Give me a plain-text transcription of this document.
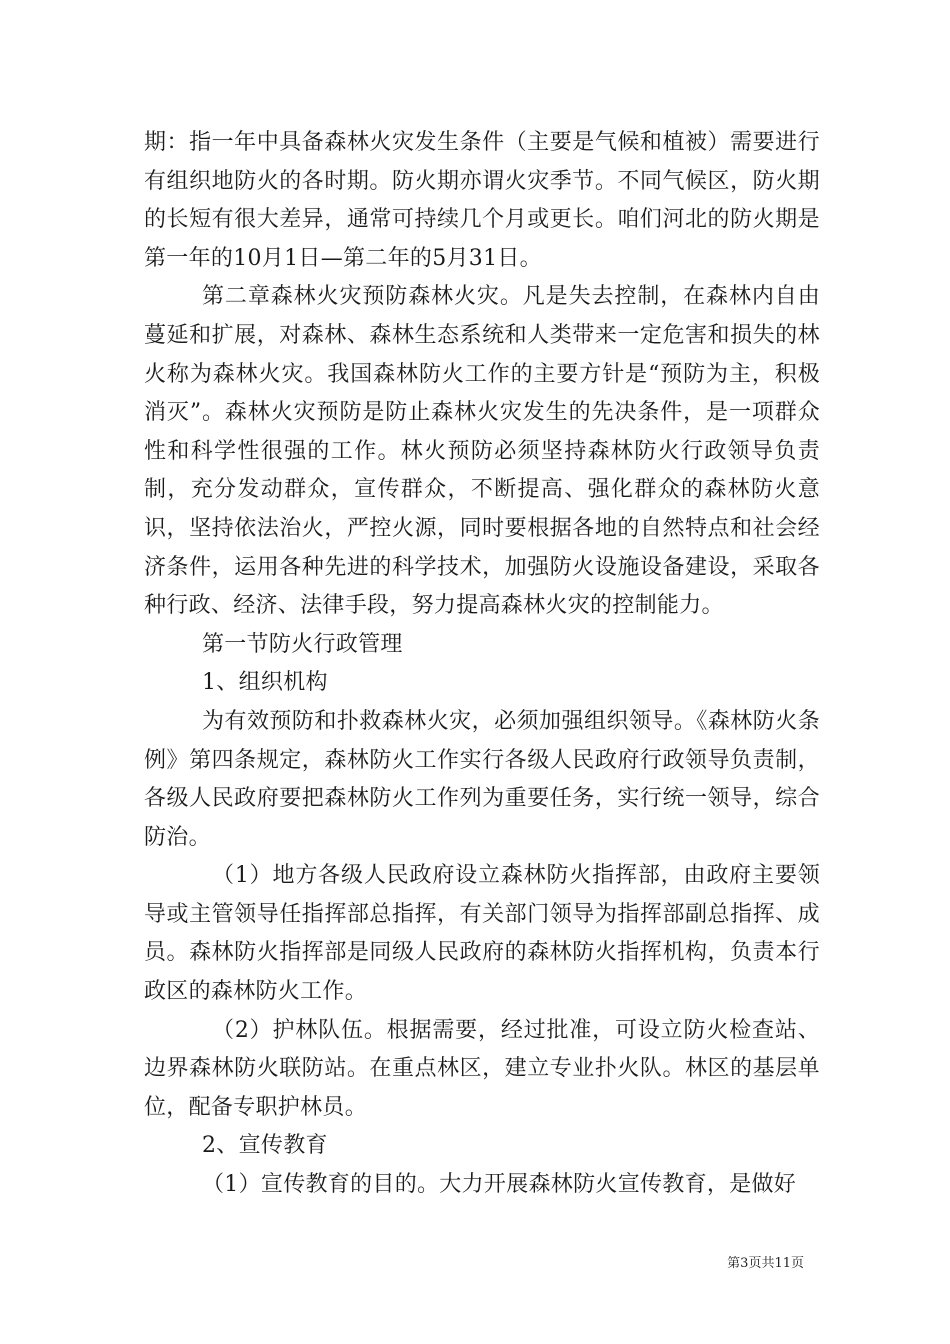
期：指一年中具备森林火灾发生条件（主要是气候和植被）需要进行有组织地防火的各时期。防火期亦谓火灾季节。不同气候区，防火期的长短有很大差异，通常可持续几个月或更长。咱们河北的防火期是第一年的10月1日—第二年的5月31日。

第二章森林火灾预防森林火灾。凡是失去控制，在森林内自由蔓延和扩展，对森林、森林生态系统和人类带来一定危害和损失的林火称为森林火灾。我国森林防火工作的主要方针是“预防为主，积极消灭”。森林火灾预防是防止森林火灾发生的先决条件，是一项群众性和科学性很强的工作。林火预防必须坚持森林防火行政领导负责制，充分发动群众，宣传群众，不断提高、强化群众的森林防火意识，坚持依法治火，严控火源，同时要根据各地的自然特点和社会经济条件，运用各种先进的科学技术，加强防火设施设备建设，采取各种行政、经济、法律手段，努力提高森林火灾的控制能力。

第一节防火行政管理

1、组织机构

为有效预防和扑救森林火灾，必须加强组织领导。《森林防火条例》第四条规定，森林防火工作实行各级人民政府行政领导负责制，各级人民政府要把森林防火工作列为重要任务，实行统一领导，综合防治。

（1）地方各级人民政府设立森林防火指挥部，由政府主要领导或主管领导任指挥部总指挥，有关部门领导为指挥部副总指挥、成员。森林防火指挥部是同级人民政府的森林防火指挥机构，负责本行政区的森林防火工作。

（2）护林队伍。根据需要，经过批准，可设立防火检查站、边界森林防火联防站。在重点林区，建立专业扑火队。林区的基层单位，配备专职护林员。

2、宣传教育

（1）宣传教育的目的。大力开展森林防火宣传教育，是做好

第3页共11页
